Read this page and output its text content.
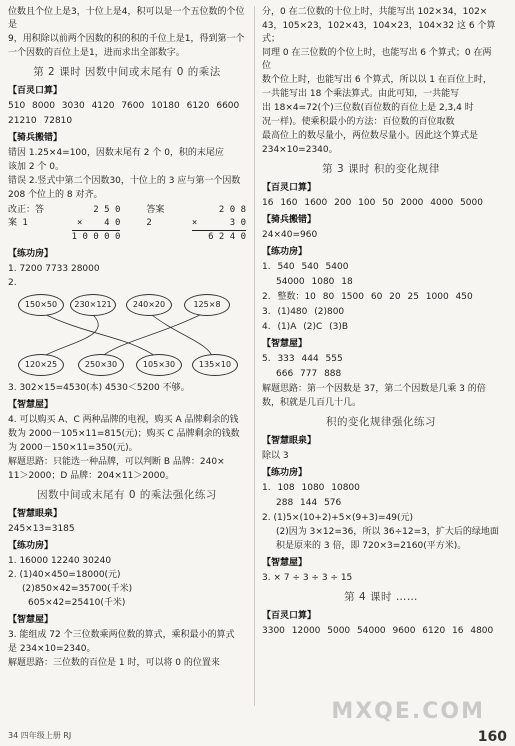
位数且个位上是3，十位上是4，积可以是一个五位数的个位是

9，用积除以前两个因数的积的积的千位上是1，得到第一个

一个因数的百位上是1，进而求出全部数字。

第 2 课时 因数中间或末尾有 0 的乘法
【百灵口算】

510 8000 3030 4120 7600 10180 6120 6600

21210 72810

【骑兵搬错】

错因 1.25×4=100，因数末尾有 2 个 0，积的末尾应

该加 2 个 0。

错误 2.竖式中第二个因数30，十位上的 3 应与第一个因数

208 个位上的 8 对齐。

改正：答案 1
2 5 0
×    4 0
1 0 0 0 0
答案 2
2 0 8
×      3 0
6 2 4 0
【练功房】

1. 7200 7733 28000

2.

150×50	230×121	240×20	125×8
120×25	250×30	105×30	135×10

3. 302×15=4530(本) 4530＜5200 不够。

【智慧屋】

4. 可以购买 A、C 两种品牌的电视，购买 A 品牌剩余的钱

数为 2000－105×11=815(元)；购买 C 品牌剩余的钱数

为 2000－150×11=350(元)。

解题思路：只能选一种品牌，可以判断 B 品牌：240×

11＞2000；D 品牌：204×11＞2000。

因数中间或末尾有 0 的乘法强化练习
【智慧眼泉】

245×13=3185

【练功房】

1. 16000 12240 30240

2. (1)40×450=18000(元)

(2)850×42=35700(千米)

605×42=25410(千米)

【智慧屋】

3. 能组成 72 个三位数乘两位数的算式，乘积最小的算式

是 234×10=2340。

解题思路：三位数的百位是 1 时，可以将 0 的位置来

分，0 在二位数的十位上时，共能写出 102×34，102×

43，105×23，102×43，104×23，104×32 这 6 个算式；

同理 0 在三位数的个位上时，也能写出 6 个算式；0 在两位

数个位上时，也能写出 6 个算式，所以以 1 在百位上时，

一共能写出 18 个乘法算式。由此可知，一共能写

出 18×4=72(个)三位数(百位数的百位上是 2,3,4 时

况一样)。使乘积最小的方法：百位数的百位取数

最高位上的数尽量小，两位数尽量小。因此这个算式是

234×10=2340。

第 3 课时 积的变化规律
【百灵口算】

16 160 1600 200 100 50 2000 4000 5000

【骑兵搬错】

24×40=960

【练功房】

1. 540 540 5400

54000 1080 18

2. 整数：10 80 1500 60 20 25 1000 450

3. (1)480 (2)800

4. (1)A (2)C (3)B

【智慧屋】

5. 333 444 555

666 777 888

解题思路：第一个因数是 37，第二个因数是几乘 3 的倍

数，积就是几百几十几。

积的变化规律强化练习
【智慧眼泉】

除以 3

【练功房】

1. 108 1080 10800

288 144 576

2. (1)5×(10+2)+5×(9+3)=49(元)

(2)因为 3×12=36，所以 36÷12=3，扩大后的绿地面

积是原来的 3 倍，即 720×3=2160(平方米)。

【智慧屋】

3. × 7 ÷ 3 ÷ 3 ÷ 15

第 4 课时 ……
【百灵口算】

3300 12000 5000 54000 9600 6120 16 4800

MXQE.COM
34 四年级上册 RJ	160
